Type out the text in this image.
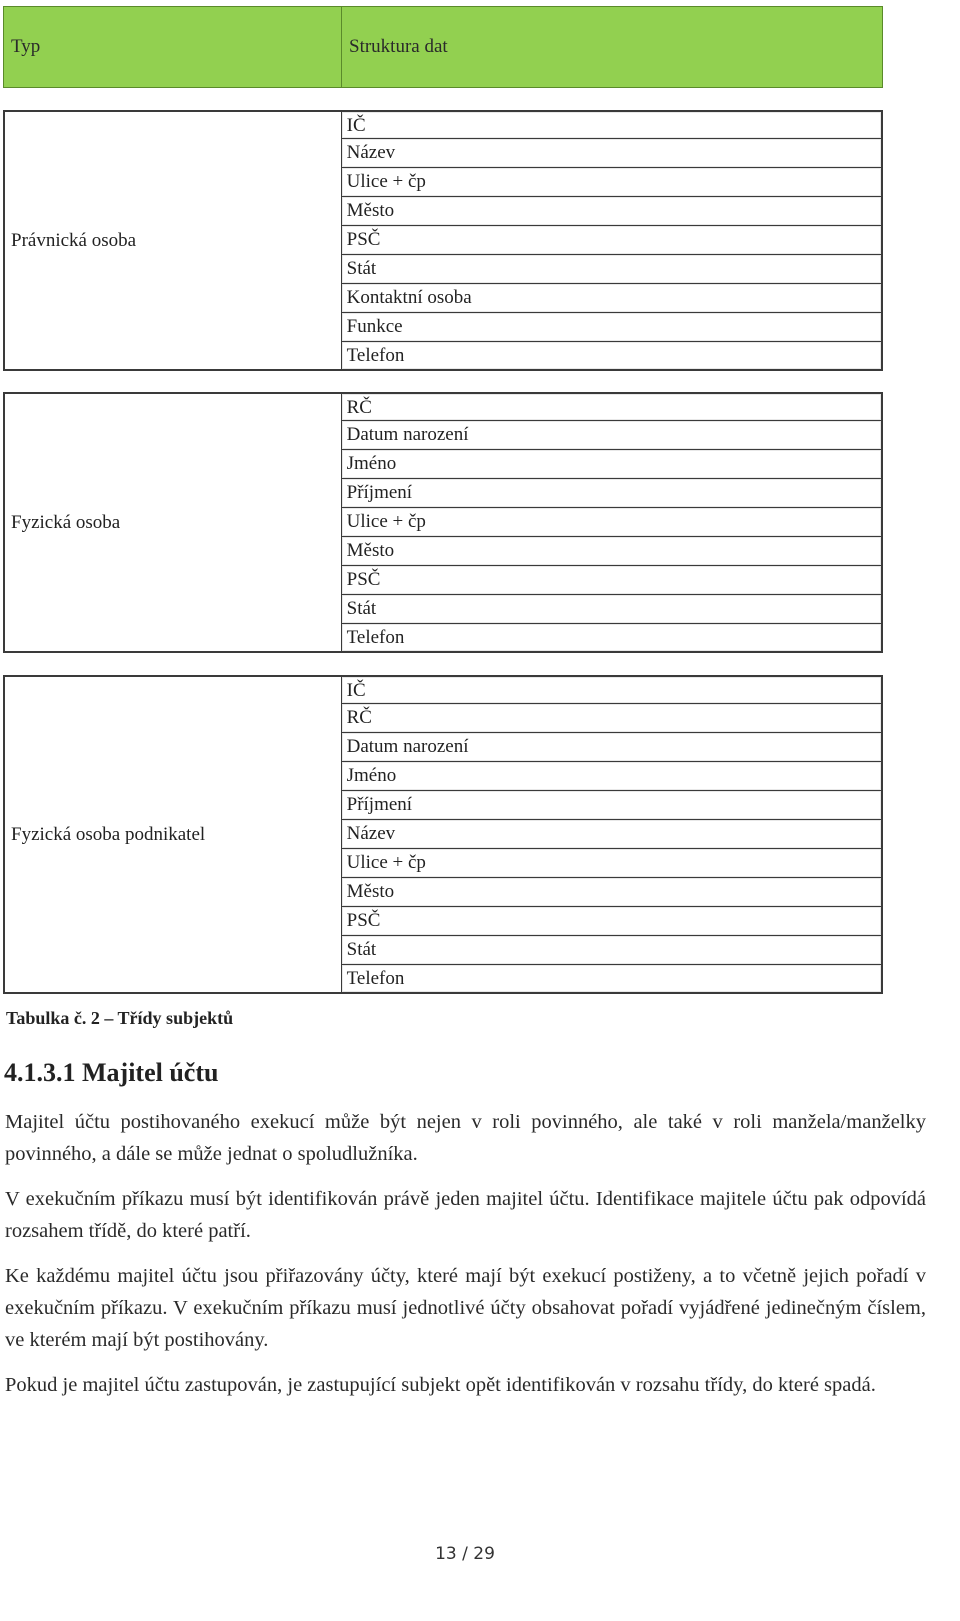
Typ	Struktura dat
Právnická osoba
IČ
Název
Ulice + čp
Město
PSČ
Stát
Kontaktní osoba
Funkce
Telefon
Fyzická osoba
RČ
Datum narození
Jméno
Příjmení
Ulice + čp
Město
PSČ
Stát
Telefon
Fyzická osoba podnikatel
IČ
RČ
Datum narození
Jméno
Příjmení
Název
Ulice + čp
Město
PSČ
Stát
Telefon
Tabulka č. 2 – Třídy subjektů
4.1.3.1 Majitel účtu
Majitel účtu postihovaného exekucí může být nejen v roli povinného, ale také v roli manžela/manželky povinného, a dále se může jednat o spoludlužníka.
V exekučním příkazu musí být identifikován právě jeden majitel účtu. Identifikace majitele účtu pak odpovídá rozsahem třídě, do které patří.
Ke každému majitel účtu jsou přiřazovány účty, které mají být exekucí postiženy, a to včetně jejich pořadí v exekučním příkazu. V exekučním příkazu musí jednotlivé účty obsahovat pořadí vyjádřené jedinečným číslem, ve kterém mají být postihovány.
Pokud je majitel účtu zastupován, je zastupující subjekt opět identifikován v rozsahu třídy, do které spadá.
13 / 29
